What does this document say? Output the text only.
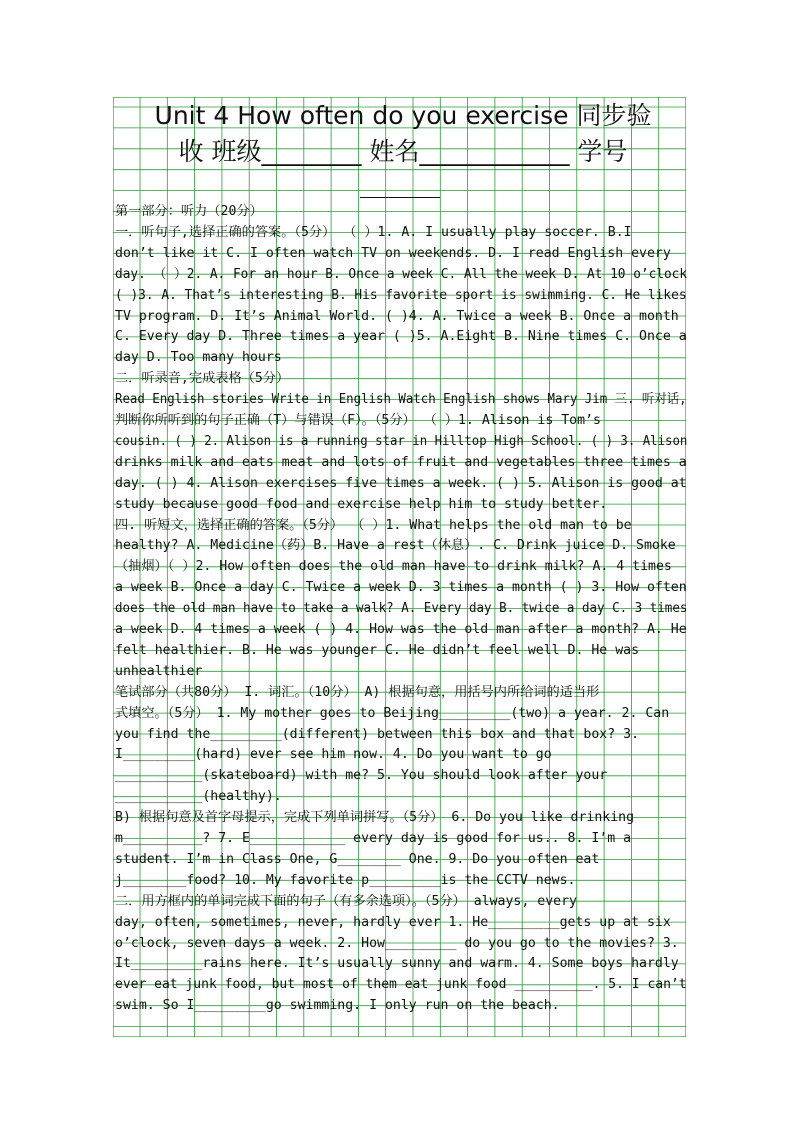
Unit 4 How often do you exercise 同步验
收 班级________ 姓名____________ 学号
第一部分：听力（20分）
一．听句子,选择正确的答案。（5分） （ ）1. A. I usually play soccer. B.I
don’t like it C. I often watch TV on weekends. D. I read English every
day. （ ）2. A. For an hour B. Once a week C. All the week D. At 10 o’clock
( )3. A. That’s interesting B. His favorite sport is swimming. C. He likes
TV program. D. It’s Animal World. ( )4. A. Twice a week B. Once a month
C. Every day D. Three times a year ( )5. A.Eight B. Nine times C. Once a
day D. Too many hours
二．听录音,完成表格（5分）
Read English stories Write in English Watch English shows Mary Jim 三. 听对话,
判断你所听到的句子正确（T）与错误（F）。（5分） （ ）1. Alison is Tom’s
cousin. ( ) 2. Alison is a running star in Hilltop High School. ( ) 3. Alison
drinks milk and eats meat and lots of fruit and vegetables three times a
day. ( ) 4. Alison exercises five times a week. ( ) 5. Alison is good at
study because good food and exercise help him to study better.
四. 听短文，选择正确的答案。（5分） （ ）1. What helps the old man to be
healthy? A. Medicine（药）B. Have a rest（休息）. C. Drink juice D. Smoke
（抽烟）（ ）2. How often does the old man have to drink milk? A. 4 times
a week B. Once a day C. Twice a week D. 3 times a month ( ) 3. How often
does the old man have to take a walk? A. Every day B. twice a day C. 3 times
a week D. 4 times a week ( ) 4. How was the old man after a month? A. He
felt healthier. B. He was younger C. He didn’t feel well D. He was
unhealthier
笔试部分（共80分） I. 词汇。（10分） A) 根据句意，用括号内所给词的适当形
式填空。（5分） 1. My mother goes to Beijing_________(two) a year. 2. Can
you find the_________(different) between this box and that box? 3.
I_________(hard) ever see him now. 4. Do you want to go
___________(skateboard) with me? 5. You should look after your
___________(healthy).
B) 根据句意及首字母提示，完成下列单词拼写。（5分） 6. Do you like drinking
m__________? 7. E____________ every day is good for us.. 8. I’m a
student. I’m in Class One, G________ One. 9. Do you often eat
j________food? 10. My favorite p_________is the CCTV news.
二．用方框内的单词完成下面的句子（有多余选项）。（5分） always, every
day, often, sometimes, never, hardly ever 1. He_________gets up at six
o’clock, seven days a week. 2. How_________ do you go to the movies? 3.
It_________rains here. It’s usually sunny and warm. 4. Some boys hardly
ever eat junk food, but most of them eat junk food __________. 5. I can’t
swim. So I_________go swimming. I only run on the beach.
